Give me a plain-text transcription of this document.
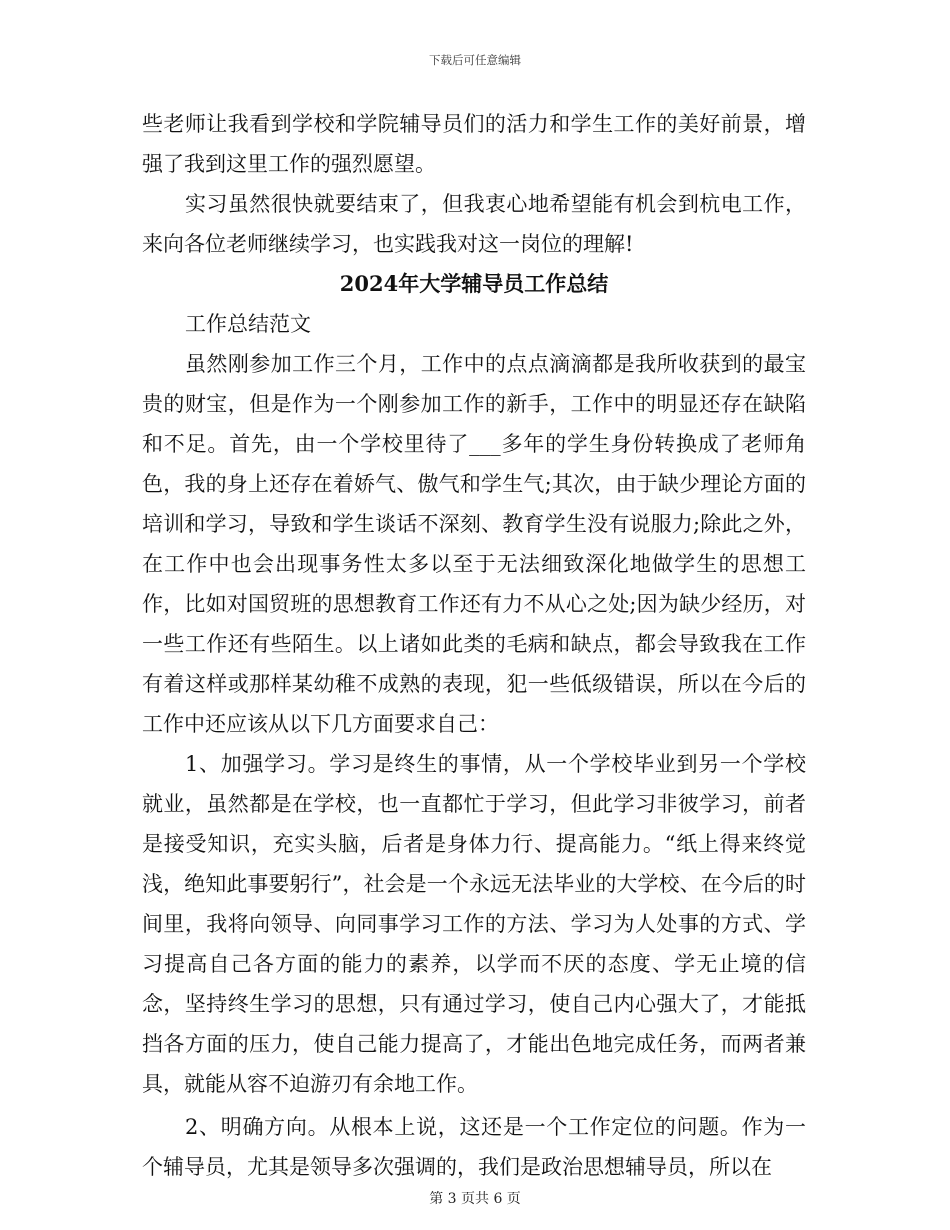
下载后可任意编辑

些老师让我看到学校和学院辅导员们的活力和学生工作的美好前景，增强了我到这里工作的强烈愿望。

实习虽然很快就要结束了，但我衷心地希望能有机会到杭电工作，来向各位老师继续学习，也实践我对这一岗位的理解!

2024年大学辅导员工作总结

工作总结范文

虽然刚参加工作三个月，工作中的点点滴滴都是我所收获到的最宝贵的财宝，但是作为一个刚参加工作的新手，工作中的明显还存在缺陷和不足。首先，由一个学校里待了___多年的学生身份转换成了老师角色，我的身上还存在着娇气、傲气和学生气;其次，由于缺少理论方面的培训和学习，导致和学生谈话不深刻、教育学生没有说服力;除此之外，在工作中也会出现事务性太多以至于无法细致深化地做学生的思想工作，比如对国贸班的思想教育工作还有力不从心之处;因为缺少经历，对一些工作还有些陌生。以上诸如此类的毛病和缺点，都会导致我在工作有着这样或那样某幼稚不成熟的表现，犯一些低级错误，所以在今后的工作中还应该从以下几方面要求自己：

1、加强学习。学习是终生的事情，从一个学校毕业到另一个学校就业，虽然都是在学校，也一直都忙于学习，但此学习非彼学习，前者是接受知识，充实头脑，后者是身体力行、提高能力。“纸上得来终觉浅，绝知此事要躬行”，社会是一个永远无法毕业的大学校、在今后的时间里，我将向领导、向同事学习工作的方法、学习为人处事的方式、学习提高自己各方面的能力的素养，以学而不厌的态度、学无止境的信念，坚持终生学习的思想，只有通过学习，使自己内心强大了，才能抵挡各方面的压力，使自己能力提高了，才能出色地完成任务，而两者兼具，就能从容不迫游刃有余地工作。

2、明确方向。从根本上说，这还是一个工作定位的问题。作为一个辅导员，尤其是领导多次强调的，我们是政治思想辅导员，所以在

第 3 页共 6 页
